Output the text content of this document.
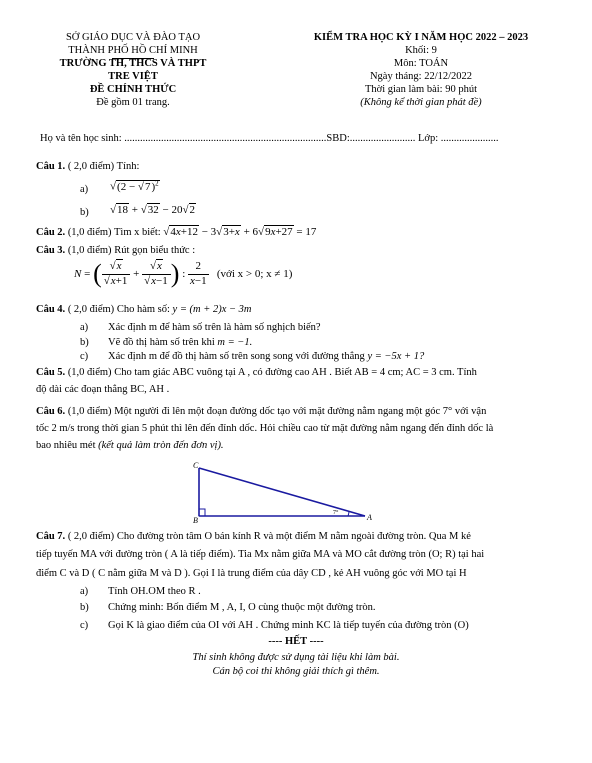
SỞ GIÁO DỤC VÀ ĐÀO TẠO
THÀNH PHỐ HỒ CHÍ MINH
TRƯỜNG TH, THCS VÀ THPT
TRE VIỆT
ĐỀ CHÍNH THỨC
Đề gồm 01 trang.
KIỂM TRA HỌC KỲ I NĂM HỌC 2022 – 2023
Khối: 9
Môn: TOÁN
Ngày tháng: 22/12/2022
Thời gian làm bài: 90 phút
(Không kể thời gian phát đề)
Họ và tên học sinh: .............................................................................SBD:......................... Lớp: ......................
Câu 1. ( 2,0 điểm) Tính:
a) $√(2 - √7)^2$
b) √18 + √32 − 20√2
Câu 2. (1,0 điểm) Tìm x biết: √4x+12 − 3√3+x + 6√9x+27 = 17
Câu 3. (1,0 điểm) Rút gọn biểu thức :
N = ( $\frac{√x}{√x+1} + \frac{√x}{√x-1}$ ) : $\frac{2}{x-1}$ (với x > 0; x ≠ 1)
Câu 4. ( 2,0 điểm) Cho hàm số: y = (m + 2)x − 3m
a) Xác định m để hàm số trên là hàm số nghịch biến?
b) Vẽ đồ thị hàm số trên khi m = −1.
c) Xác định m để đồ thị hàm số trên song song với đường thẳng y = −5x + 1?
Câu 5. (1,0 điểm) Cho tam giác ABC vuông tại A , có đường cao AH . Biết AB = 4 cm; AC = 3 cm. Tính
độ dài các đoạn thẳng BC, AH .
Câu 6. (1,0 điểm) Một người đi lên một đoạn đường dốc tạo với mặt đường nằm ngang một góc 7° với vận
tốc 2 m/s trong thời gian 5 phút thì lên đến đỉnh dốc. Hỏi chiều cao từ mặt đường nằm ngang đến đỉnh dốc là
bao nhiêu mét (kết quả làm tròn đến đơn vị).
C
B	A
7°
Câu 7. ( 2,0 điểm) Cho đường tròn tâm O bán kính R và một điểm M nằm ngoài đường tròn. Qua M kẻ
tiếp tuyến MA với đường tròn ( A là tiếp điểm). Tia Mx nằm giữa MA và MO cắt đường tròn (O; R) tại hai
điểm C và D ( C nằm giữa M và D ). Gọi I là trung điểm của dây CD , kẻ AH vuông góc với MO tại H
a) Tính OH.OM theo R .
b) Chứng minh: Bốn điểm M , A, I, O cùng thuộc một đường tròn.
c) Gọi K là giao điểm của OI với AH . Chứng minh KC là tiếp tuyến của đường tròn (O)
---- HẾT ----
Thí sinh không được sử dụng tài liệu khi làm bài.
Cán bộ coi thi không giải thích gì thêm.
